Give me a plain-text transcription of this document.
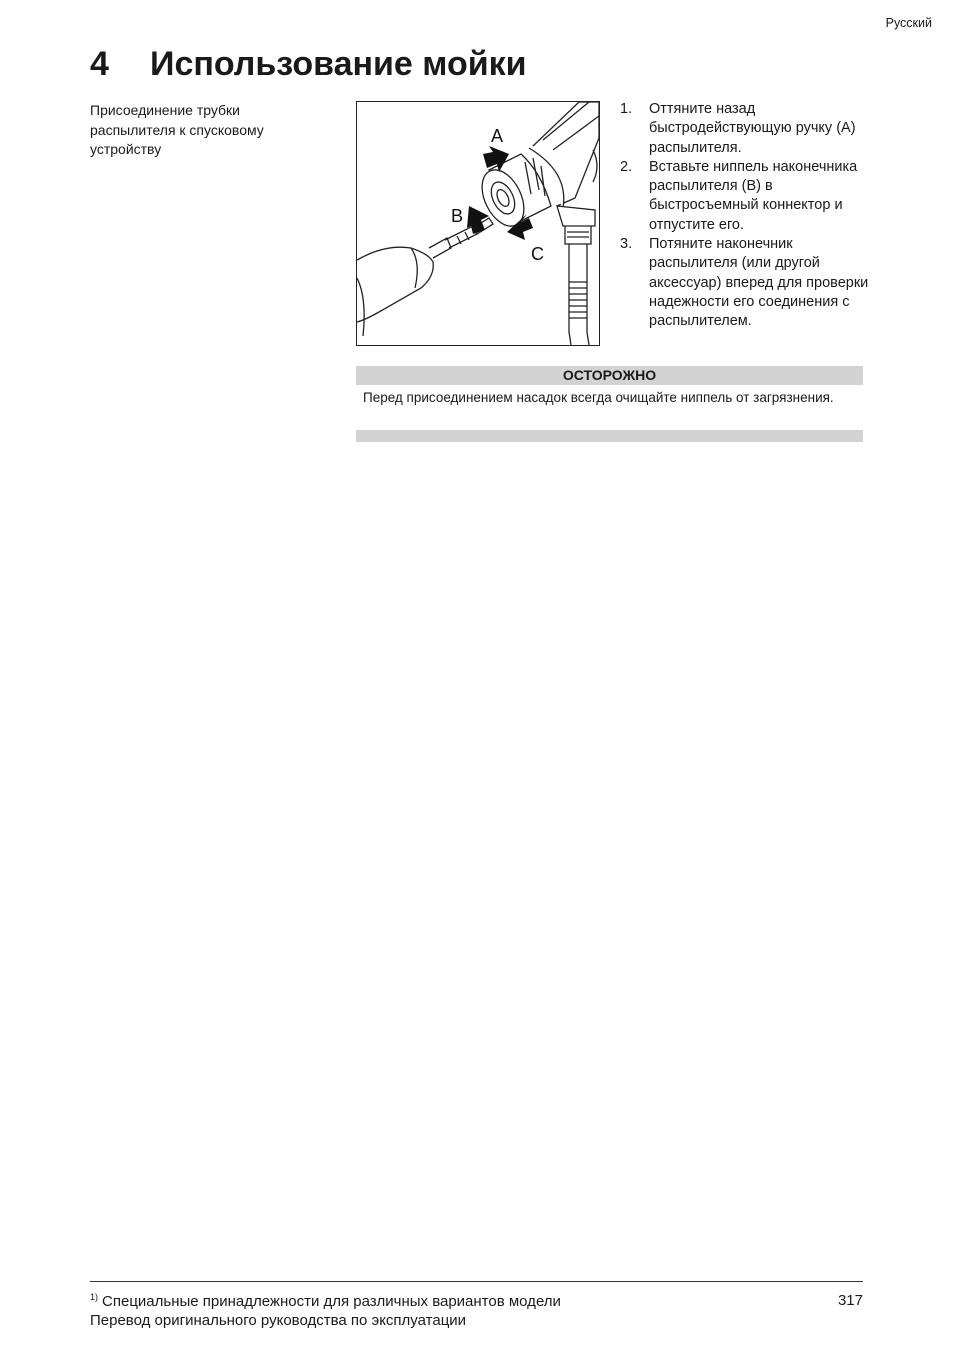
Русский
4 Использование мойки
Присоединение трубки распылителя к спусковому устройству
A
B
C
1. Оттяните назад быстродействующую ручку (A) распылителя.
2. Вставьте ниппель наконечника распылителя (B) в быстросъемный коннектор и отпустите его.
3. Потяните наконечник распылителя (или другой аксессуар) вперед для проверки надежности его соединения с распылителем.
ОСТОРОЖНО
Перед присоединением насадок всегда очищайте ниппель от загрязнения.
$^{1)}$ Специальные принадлежности для различных вариантов модели	317
Перевод оригинального руководства по эксплуатации
